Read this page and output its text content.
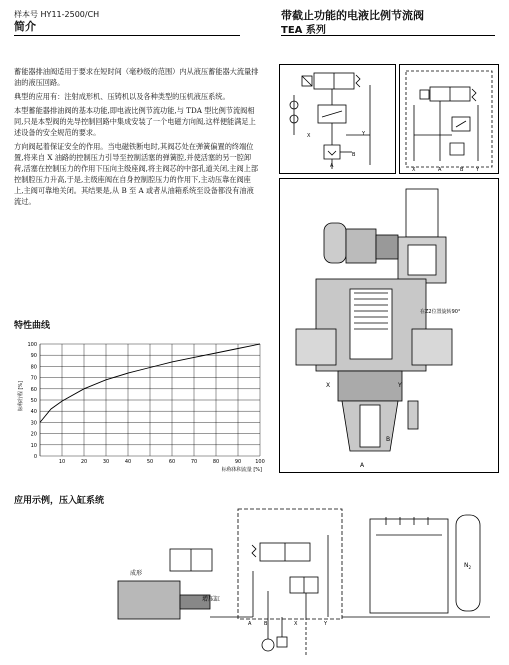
样本号 HY11-2500/CH
简介
带截止功能的电液比例节流阀
TEA 系列

蓄能器排油阀适用于要求在短时间（毫秒级的范围）内从液压蓄能器大流量排油的液压回路。

典型的应用有：注射成形机、压铸机以及各种类型的压机液压系统。

本型蓄能器排油阀的基本功能,即电液比例节流功能,与 TDA 型比例节流阀相同,只是本型阀的先导控制回路中集成安装了一个电磁方向阀,这样便能满足上述设备的安全规范的要求。

方向阀起着保证安全的作用。当电磁铁断电时,其阀芯处在弹簧偏置的终端位置,将来自 X 油路的控制压力引导至控制活塞的弹簧腔,并使活塞的另一腔卸荷,活塞在控制压力的作用下压向主级座阀,将主阀芯的中部孔道关闭,主阀上部控制腔压力升高,于是,主级座阀在自身控制腔压力的作用下,主动压靠在阀座上,主阀可靠地关闭。其结果是,从 B 至 A 或者从油箱系统至设备都没有油液流过。

X	Y
B
A
X	A	B	Y
在Z2位置旋转90°
X	Y
B
A
特性曲线
0
10
20
30
40
50
60
70
80
90
100
10	20	30	40	50	60	70	80	90	100
标称行程 [%]
标称体积流量 [%]
应用示例，压入缸系统
成形
增压缸
$N_2$
A	B	X	Y
